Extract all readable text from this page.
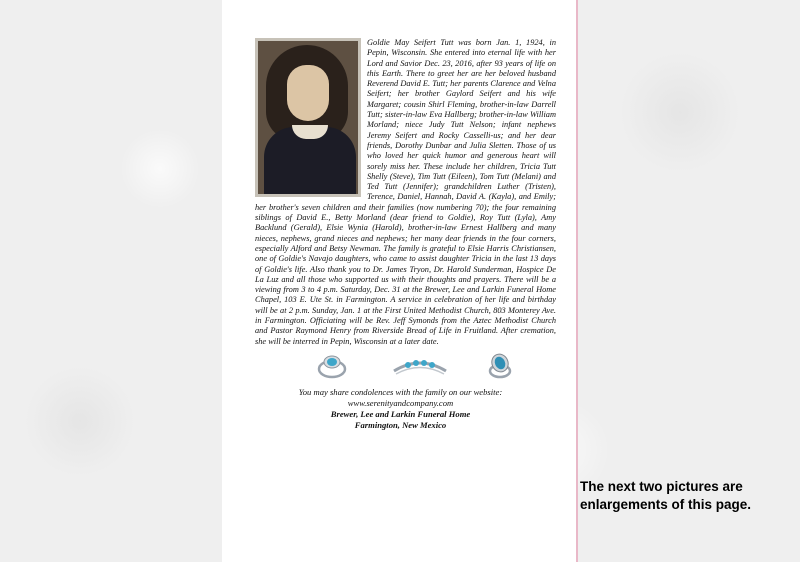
Goldie May Seifert Tutt was born Jan. 1, 1924, in Pepin, Wisconsin. She entered into eternal life with her Lord and Savior Dec. 23, 2016, after 93 years of life on this Earth. There to greet her are her beloved husband Reverend David E. Tutt; her parents Clarence and Velna Seifert; her brother Gaylord Seifert and his wife Margaret; cousin Shirl Fleming, brother-in-law Darrell Tutt; sister-in-law Eva Hallberg; brother-in-law William Morland; niece Judy Tutt Nelson; infant nephews Jeremy Seifert and Rocky Casselli-us; and her dear friends, Dorothy Dunbar and Julia Sletten. Those of us who loved her quick humor and generous heart will sorely miss her. These include her children, Tricia Tutt Shelly (Steve), Tim Tutt (Eileen), Tom Tutt (Melani) and Ted Tutt (Jennifer); grandchildren Luther (Tristen), Terence, Daniel, Hannah, David A. (Kayla), and Emily; her brother's seven children and their families (now numbering 70); the four remaining siblings of David E., Betty Morland (dear friend to Goldie), Roy Tutt (Lyla), Amy Backlund (Gerald), Elsie Wynia (Harold), brother-in-law Ernest Hallberg and many nieces, nephews, grand nieces and nephews; her many dear friends in the four corners, especially Alford and Betsy Newman. The family is grateful to Elsie Harris Christiansen, one of Goldie's Navajo daughters, who came to assist daughter Tricia in the last 13 days of Goldie's life. Also thank you to Dr. James Tryon, Dr. Harold Sunderman, Hospice De La Luz and all those who supported us with their thoughts and prayers. There will be a viewing from 3 to 4 p.m. Saturday, Dec. 31 at the Brewer, Lee and Larkin Funeral Home Chapel, 103 E. Ute St. in Farmington. A service in celebration of her life and birthday will be at 2 p.m. Sunday, Jan. 1 at the First United Methodist Church, 803 Monterey Ave. in Farmington. Officiating will be Rev. Jeff Symonds from the Aztec Methodist Church and Pastor Raymond Henry from Riverside Bread of Life in Fruitland. After cremation, she will be interred in Pepin, Wisconsin at a later date.

You may share condolences with the family on our website:
www.serenityandcompany.com
Brewer, Lee and Larkin Funeral Home
Farmington, New Mexico
The next two pictures are
enlargements of this page.
